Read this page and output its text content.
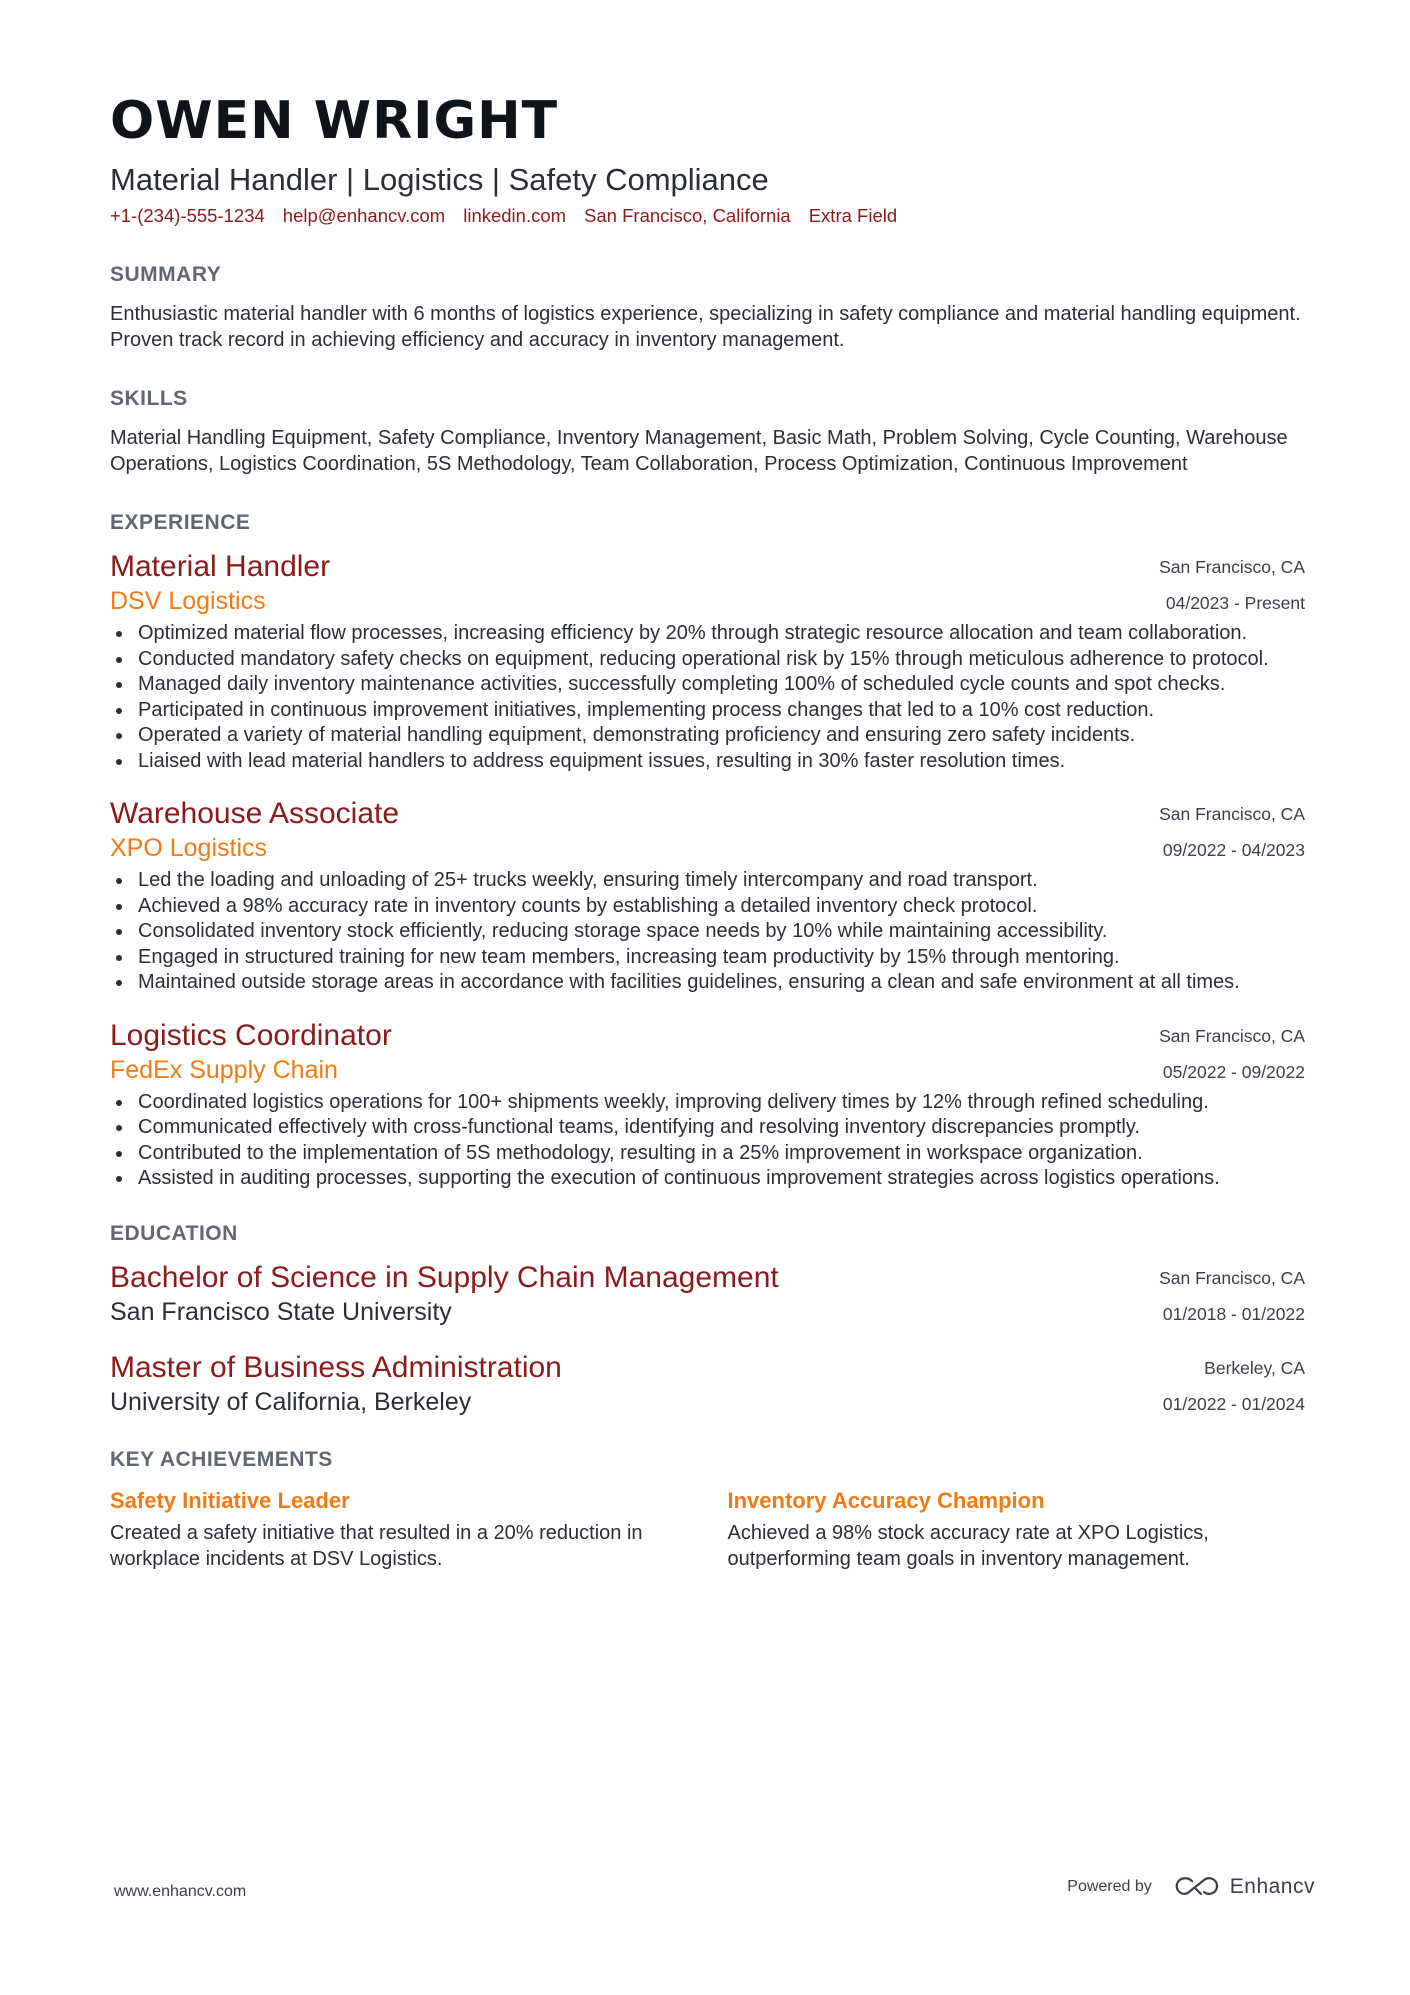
OWEN WRIGHT
Material Handler | Logistics | Safety Compliance
+1-(234)-555-1234 help@enhancv.com linkedin.com San Francisco, California Extra Field
SUMMARY
Enthusiastic material handler with 6 months of logistics experience, specializing in safety compliance and material handling equipment. Proven track record in achieving efficiency and accuracy in inventory management.
SKILLS
Material Handling Equipment, Safety Compliance, Inventory Management, Basic Math, Problem Solving, Cycle Counting, Warehouse Operations, Logistics Coordination, 5S Methodology, Team Collaboration, Process Optimization, Continuous Improvement
EXPERIENCE
Material Handler
DSV Logistics
San Francisco, CA
04/2023 - Present
Optimized material flow processes, increasing efficiency by 20% through strategic resource allocation and team collaboration.
Conducted mandatory safety checks on equipment, reducing operational risk by 15% through meticulous adherence to protocol.
Managed daily inventory maintenance activities, successfully completing 100% of scheduled cycle counts and spot checks.
Participated in continuous improvement initiatives, implementing process changes that led to a 10% cost reduction.
Operated a variety of material handling equipment, demonstrating proficiency and ensuring zero safety incidents.
Liaised with lead material handlers to address equipment issues, resulting in 30% faster resolution times.
Warehouse Associate
XPO Logistics
San Francisco, CA
09/2022 - 04/2023
Led the loading and unloading of 25+ trucks weekly, ensuring timely intercompany and road transport.
Achieved a 98% accuracy rate in inventory counts by establishing a detailed inventory check protocol.
Consolidated inventory stock efficiently, reducing storage space needs by 10% while maintaining accessibility.
Engaged in structured training for new team members, increasing team productivity by 15% through mentoring.
Maintained outside storage areas in accordance with facilities guidelines, ensuring a clean and safe environment at all times.
Logistics Coordinator
FedEx Supply Chain
San Francisco, CA
05/2022 - 09/2022
Coordinated logistics operations for 100+ shipments weekly, improving delivery times by 12% through refined scheduling.
Communicated effectively with cross-functional teams, identifying and resolving inventory discrepancies promptly.
Contributed to the implementation of 5S methodology, resulting in a 25% improvement in workspace organization.
Assisted in auditing processes, supporting the execution of continuous improvement strategies across logistics operations.
EDUCATION
Bachelor of Science in Supply Chain Management
San Francisco State University
San Francisco, CA
01/2018 - 01/2022
Master of Business Administration
University of California, Berkeley
Berkeley, CA
01/2022 - 01/2024
KEY ACHIEVEMENTS
Safety Initiative Leader
Created a safety initiative that resulted in a 20% reduction in workplace incidents at DSV Logistics.
Inventory Accuracy Champion
Achieved a 98% stock accuracy rate at XPO Logistics, outperforming team goals in inventory management.
www.enhancv.com	Powered by	Enhancv
